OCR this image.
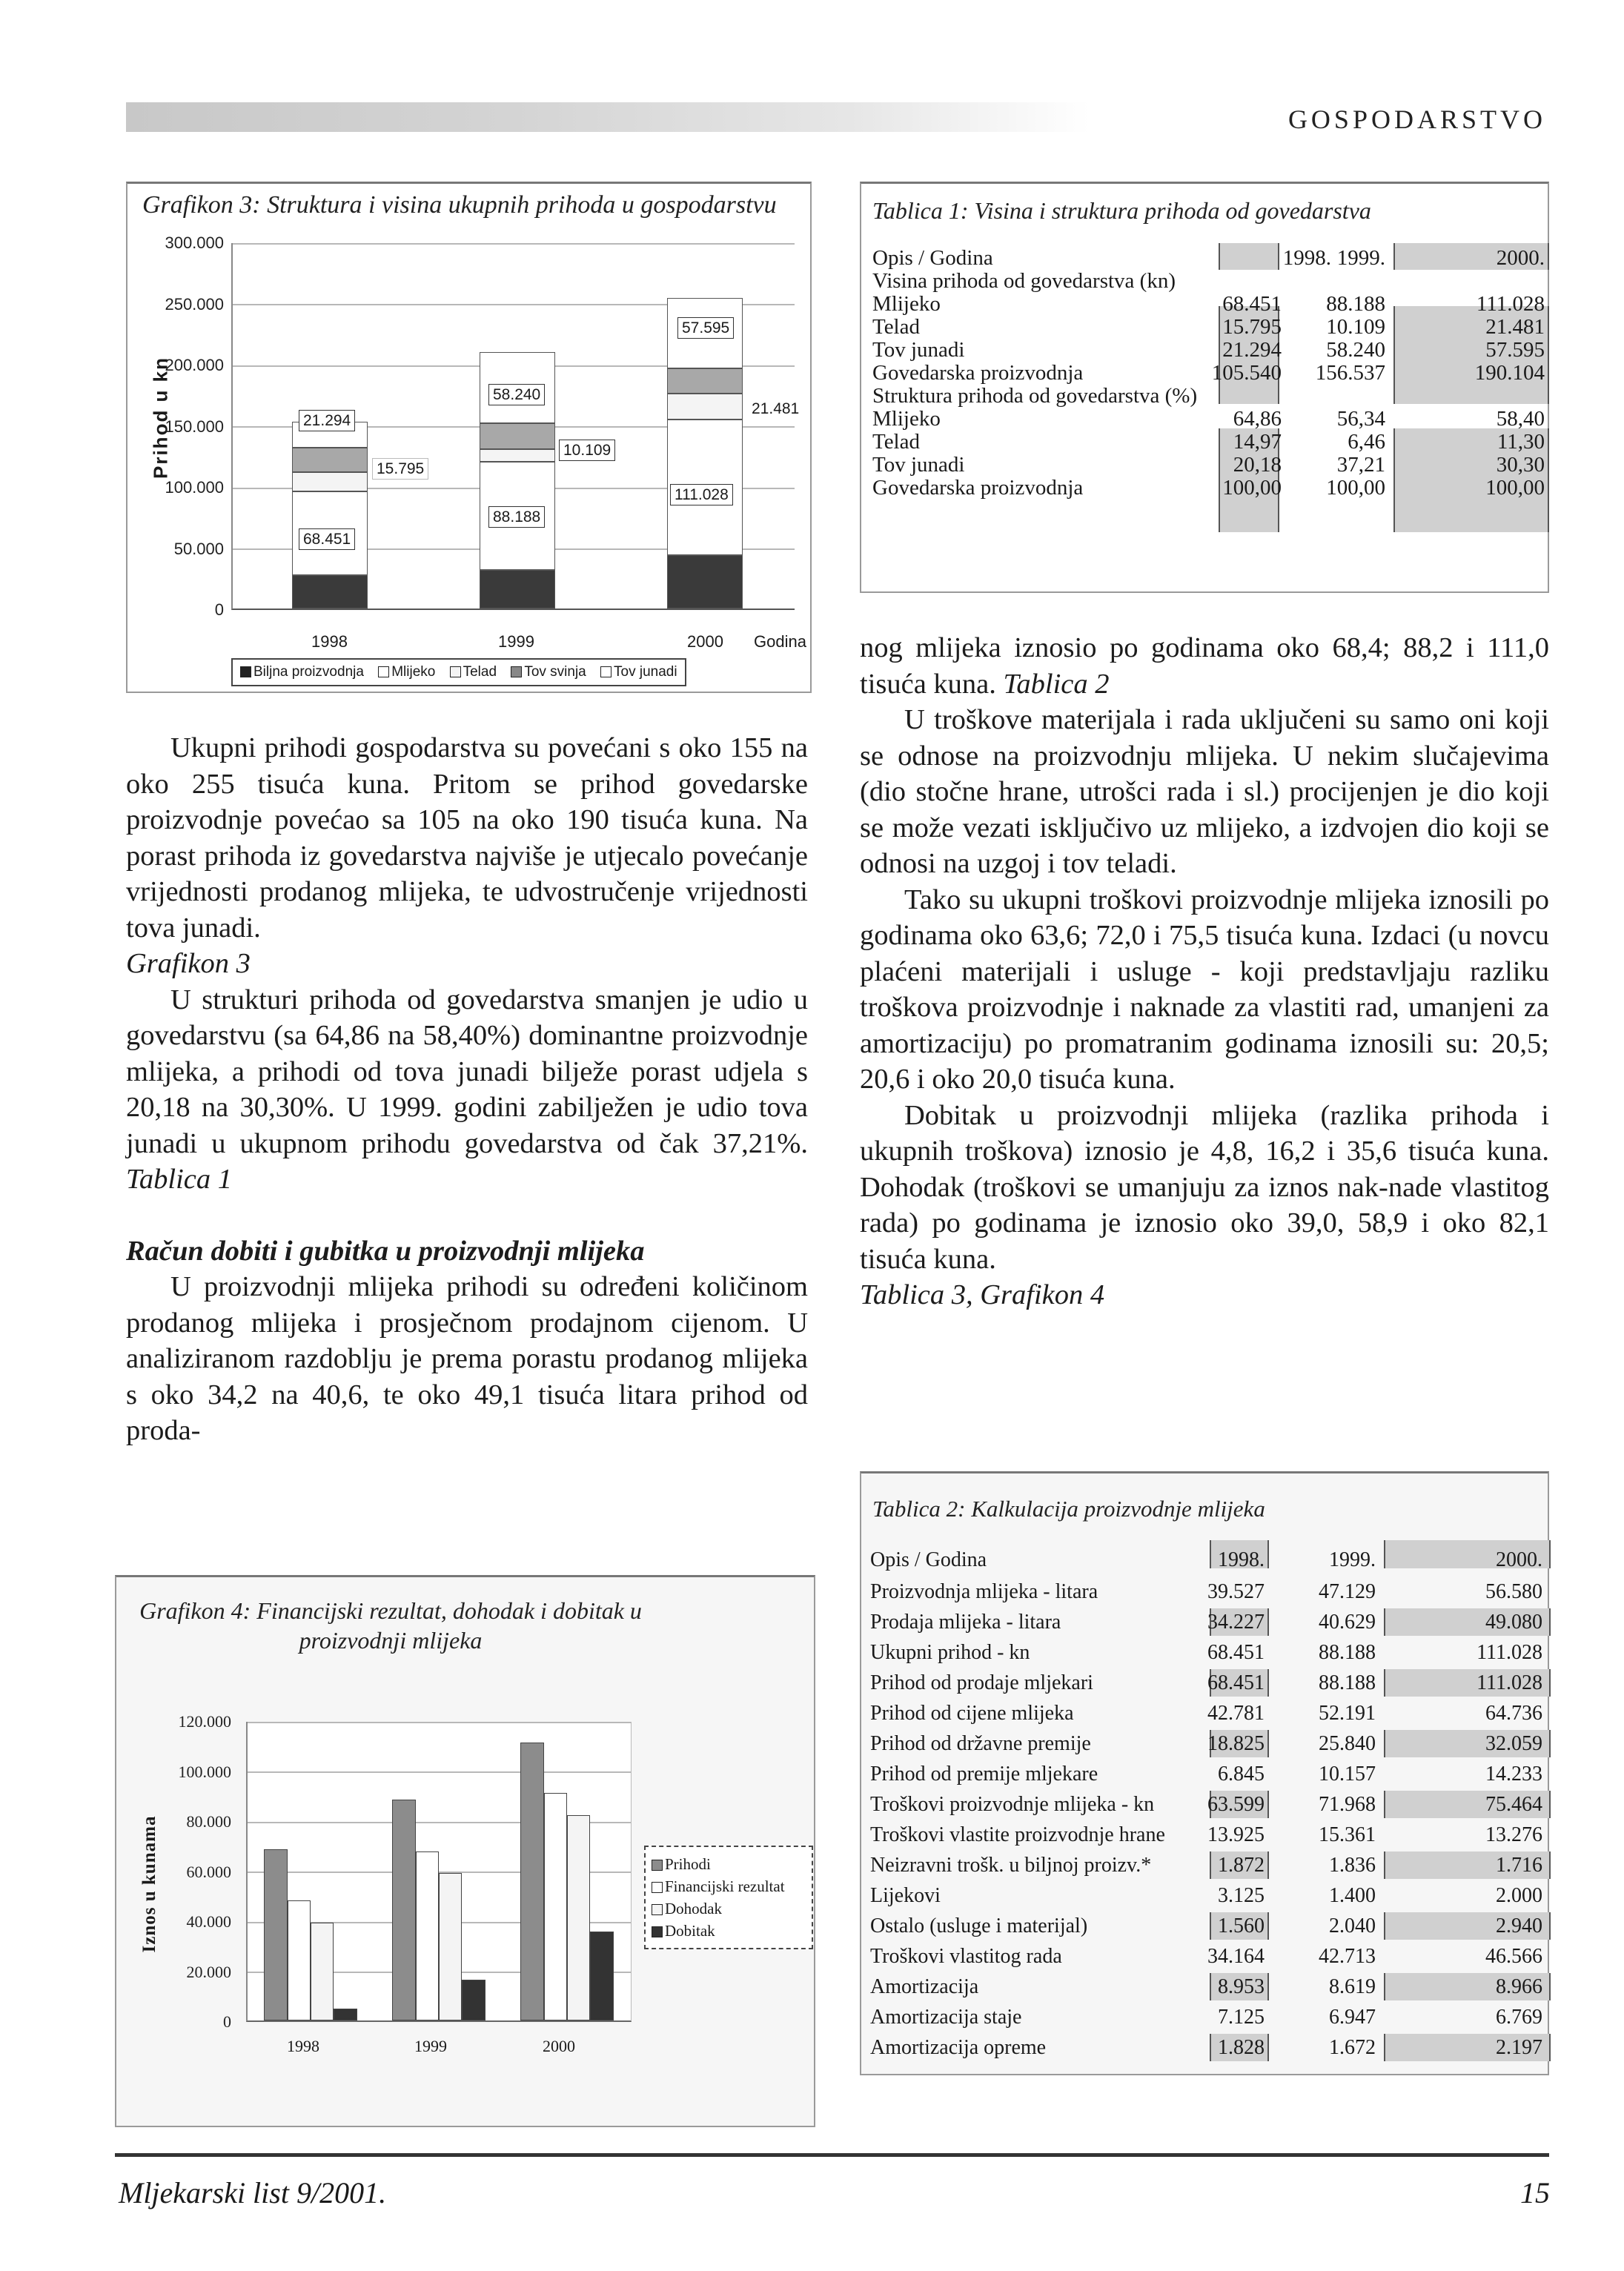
GOSPODARSTVO
Grafikon 3: Struktura i visina ukupnih prihoda u gospodarstvu
Prihod u kn
300.000
250.000
200.000
150.000
100.000
50.000
0
68.451
15.795
21.294
88.188
10.109
58.240
111.028
21.481
57.595
1998	1999	2000 Godina
Biljna proizvodnja Mlijeko Telad Tov svinja Tov junadi
Tablica 1: Visina i struktura prihoda od govedarstva
Opis / Godina	1998. 1999.	2000.
Visina prihoda od govedarstva (kn)
Mlijeko	68.451	88.188	111.028
Telad	15.795	10.109	21.481
Tov junadi	21.294	58.240	57.595
Govedarska proizvodnja	105.540	156.537	190.104
Struktura prihoda od govedarstva (%)
Mlijeko	64,86	56,34	58,40
Telad	14,97	6,46	11,30
Tov junadi	20,18	37,21	30,30
Govedarska proizvodnja	100,00	100,00	100,00

Ukupni prihodi gospodarstva su povećani s oko 155 na oko 255 tisuća kuna. Pritom se prihod govedarske proizvodnje povećao sa 105 na oko 190 tisuća kuna. Na porast prihoda iz govedarstva najviše je utjecalo povećanje vrijednosti prodanog mlijeka, te udvostručenje vrijednosti tova junadi.

Grafikon 3

U strukturi prihoda od govedarstva smanjen je udio u govedarstvu (sa 64,86 na 58,40%) dominantne proizvodnje mlijeka, a prihodi od tova junadi bilježe porast udjela s 20,18 na 30,30%. U 1999. godini zabilježen je udio tova junadi u ukupnom prihodu govedarstva od čak 37,21%. Tablica 1

Račun dobiti i gubitka u proizvodnji mlijeka

U proizvodnji mlijeka prihodi su određeni količinom prodanog mlijeka i prosječnom prodajnom cijenom. U analiziranom razdoblju je prema porastu prodanog mlijeka s oko 34,2 na 40,6, te oko 49,1 tisuća litara prihod od proda-

nog mlijeka iznosio po godinama oko 68,4; 88,2 i 111,0 tisuća kuna. Tablica 2

U troškove materijala i rada uključeni su samo oni koji se odnose na proizvodnju mlijeka. U nekim slučajevima (dio stočne hrane, utrošci rada i sl.) procijenjen je dio koji se može vezati isključivo uz mlijeko, a izdvojen dio koji se odnosi na uzgoj i tov teladi.

Tako su ukupni troškovi proizvodnje mlijeka iznosili po godinama oko 63,6; 72,0 i 75,5 tisuća kuna. Izdaci (u novcu plaćeni materijali i usluge - koji predstavljaju razliku troškova proizvodnje i naknade za vlastiti rad, umanjeni za amortizaciju) po promatranim godinama iznosili su: 20,5; 20,6 i oko 20,0 tisuća kuna.

Dobitak u proizvodnji mlijeka (razlika prihoda i ukupnih troškova) iznosio je 4,8, 16,2 i 35,6 tisuća kuna. Dohodak (troškovi se umanjuju za iznos nak-nade vlastitog rada) po godinama je iznosio oko 39,0, 58,9 i oko 82,1 tisuća kuna.

Tablica 3, Grafikon 4

Grafikon 4: Financijski rezultat, dohodak i dobitak u proizvodnji mlijeka
Iznos u kunama
120.000
100.000
80.000
60.000
40.000
20.000
0
1998	1999	2000
Prihodi
Financijski rezultat
Dohodak
Dobitak
Tablica 2: Kalkulacija proizvodnje mlijeka
Opis / Godina	1998.	1999.	2000.
Proizvodnja mlijeka - litara	39.527	47.129	56.580
Prodaja mlijeka - litara	34.227	40.629	49.080
Ukupni prihod - kn	68.451	88.188	111.028
Prihod od prodaje mljekari	68.451	88.188	111.028
Prihod od cijene mlijeka	42.781	52.191	64.736
Prihod od državne premije	18.825	25.840	32.059
Prihod od premije mljekare	6.845	10.157	14.233
Troškovi proizvodnje mlijeka - kn	63.599	71.968	75.464
Troškovi vlastite proizvodnje hrane	13.925	15.361	13.276
Neizravni trošk. u biljnoj proizv.*	1.872	1.836	1.716
Lijekovi	3.125	1.400	2.000
Ostalo (usluge i materijal)	1.560	2.040	2.940
Troškovi vlastitog rada	34.164	42.713	46.566
Amortizacija	8.953	8.619	8.966
Amortizacija staje	7.125	6.947	6.769
Amortizacija opreme	1.828	1.672	2.197
Mljekarski list 9/2001.	15
